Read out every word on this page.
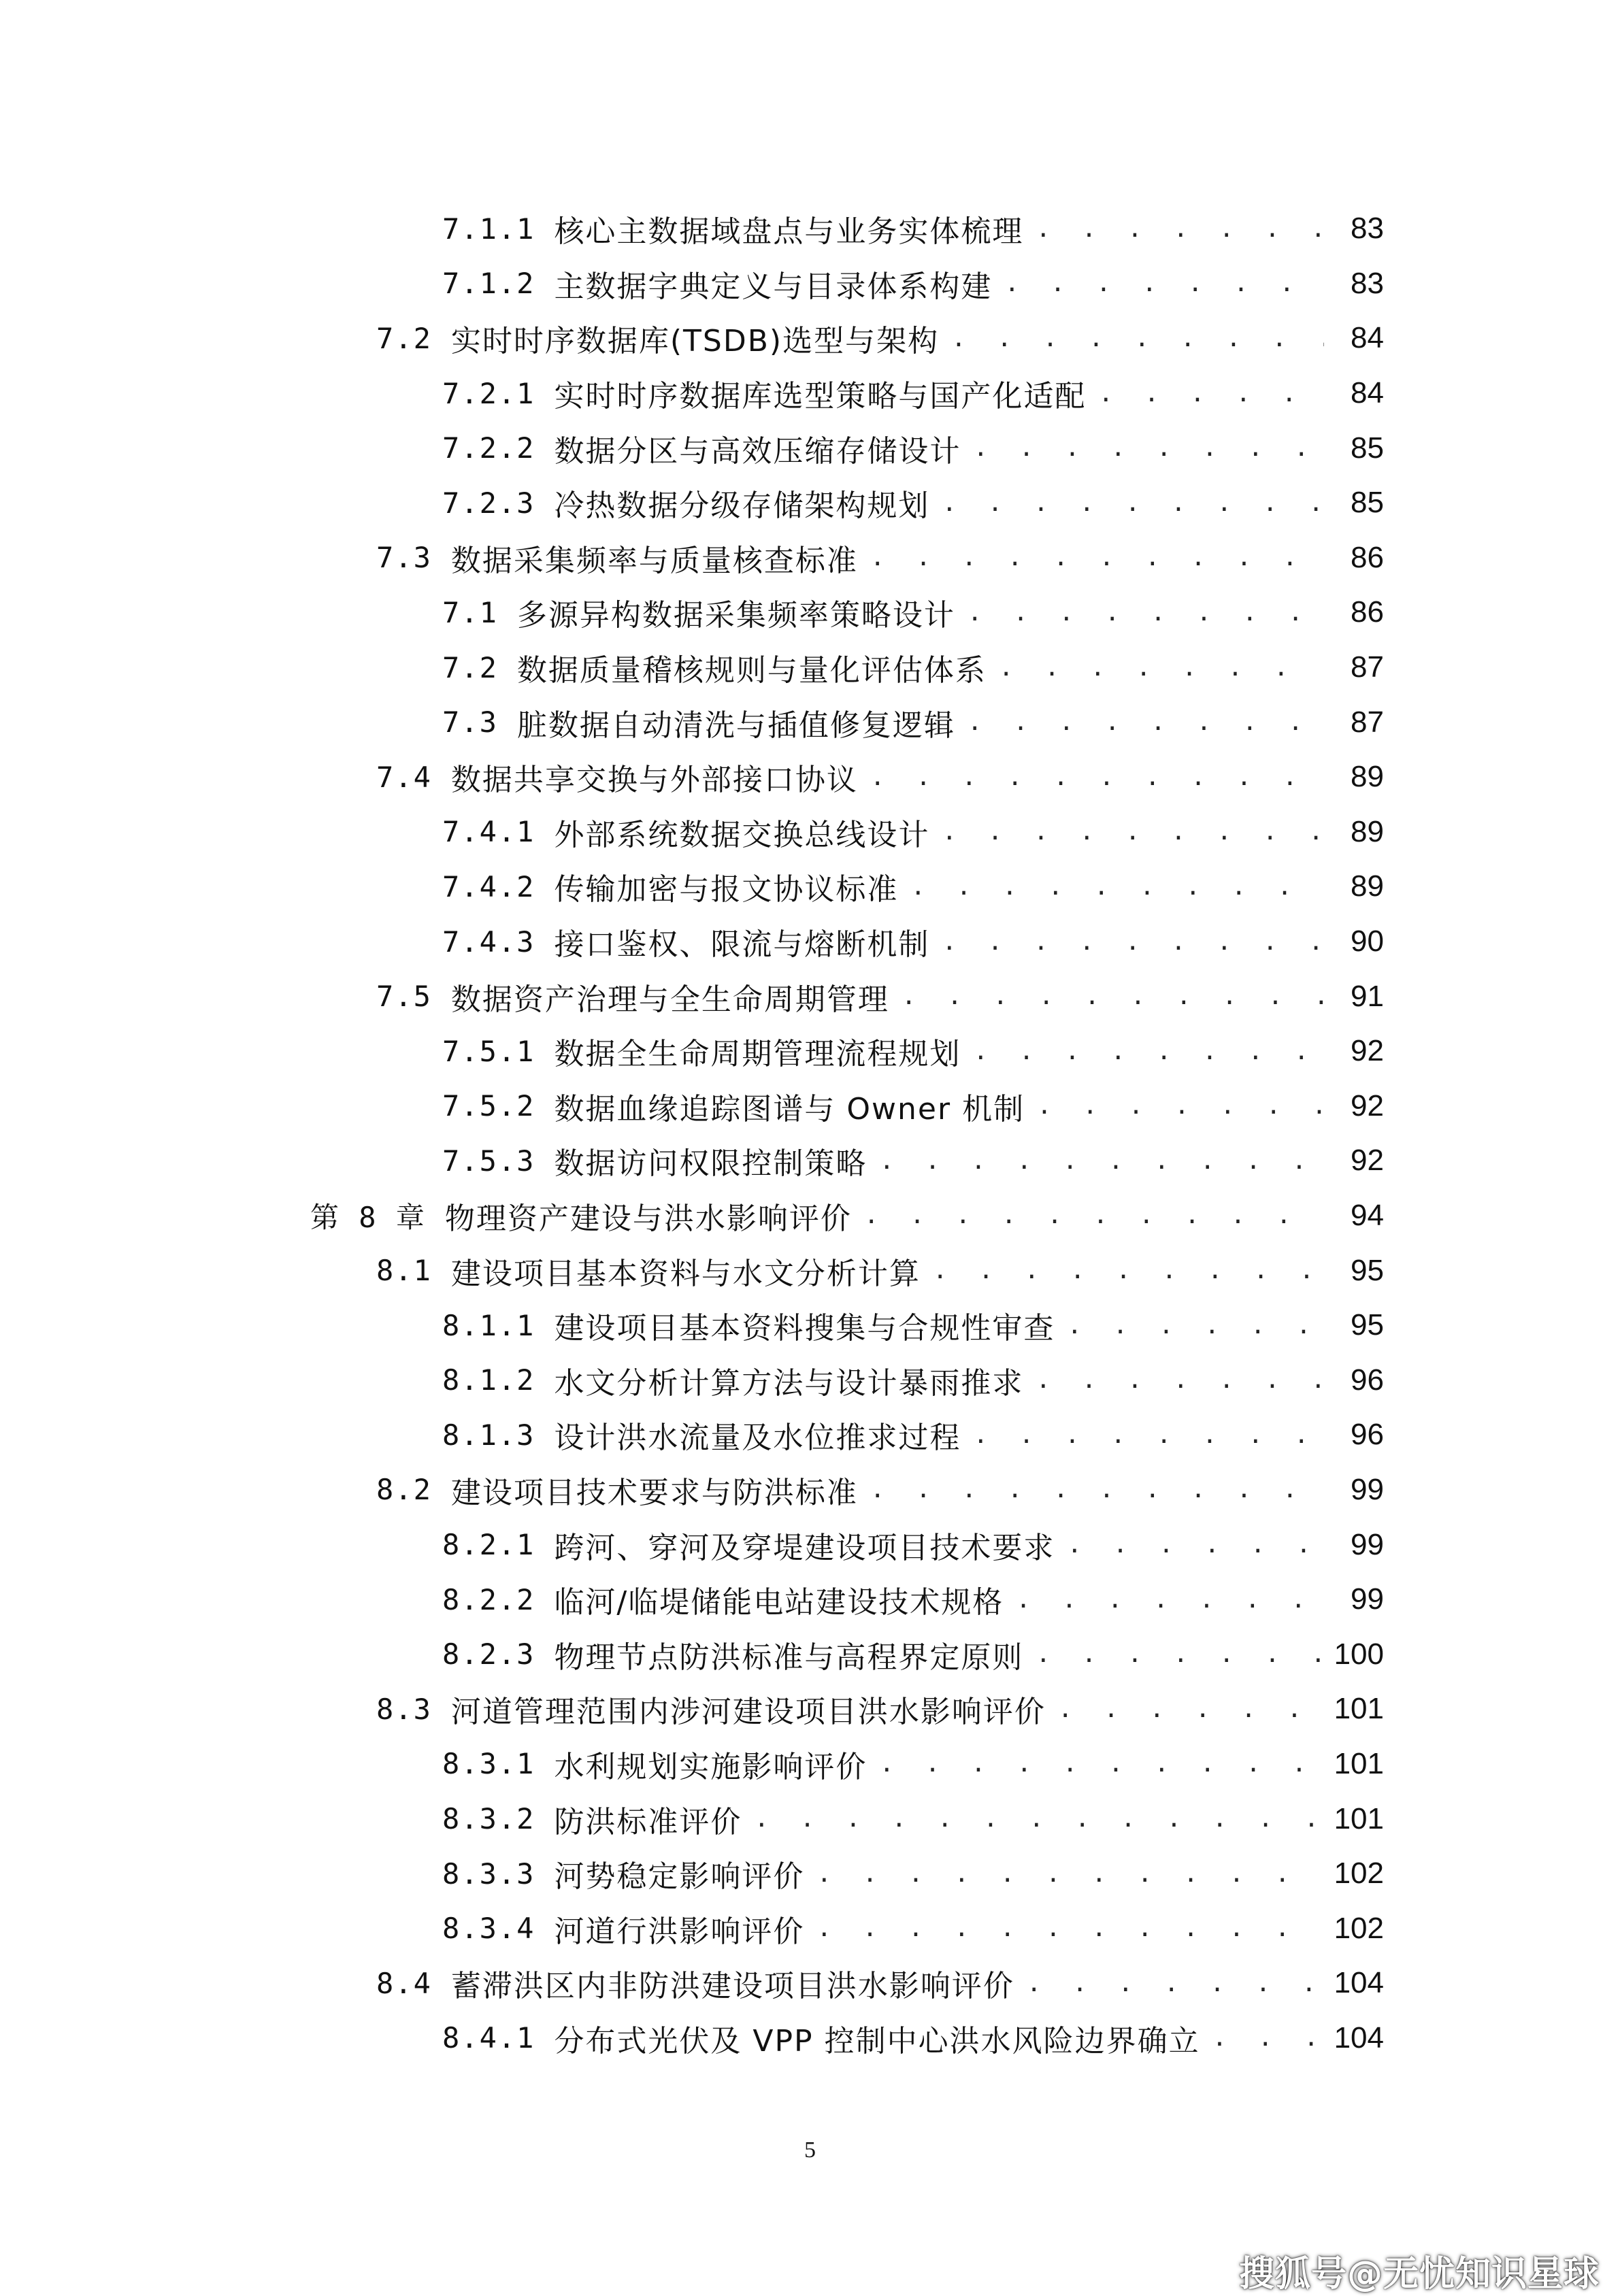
7.1.1 核心主数据域盘点与业务实体梳理 . . .	83
7.1.2 主数据字典定义与目录体系构建 . . .	83
7.2 实时时序数据库(TSDB)选型与架构 . . .	84
7.2.1 实时时序数据库选型策略与国产化适配 . . .	84
7.2.2 数据分区与高效压缩存储设计 . . .	85
7.2.3 冷热数据分级存储架构规划 . . .	85
7.3 数据采集频率与质量核查标准 . . .	86
7.1 多源异构数据采集频率策略设计 . . .	86
7.2 数据质量稽核规则与量化评估体系 . . .	87
7.3 脏数据自动清洗与插值修复逻辑 . . .	87
7.4 数据共享交换与外部接口协议 . . .	89
7.4.1 外部系统数据交换总线设计 . . .	89
7.4.2 传输加密与报文协议标准 . . .	89
7.4.3 接口鉴权、限流与熔断机制 . . .	90
7.5 数据资产治理与全生命周期管理 . . .	91
7.5.1 数据全生命周期管理流程规划 . . .	92
7.5.2 数据血缘追踪图谱与 Owner 机制 . . .	92
7.5.3 数据访问权限控制策略 . . .	92
第 8 章 物理资产建设与洪水影响评价 . . .	94
8.1 建设项目基本资料与水文分析计算 . . .	95
8.1.1 建设项目基本资料搜集与合规性审查 . . .	95
8.1.2 水文分析计算方法与设计暴雨推求 . . .	96
8.1.3 设计洪水流量及水位推求过程 . . .	96
8.2 建设项目技术要求与防洪标准 . . .	99
8.2.1 跨河、穿河及穿堤建设项目技术要求 . . .	99
8.2.2 临河/临堤储能电站建设技术规格 . . .	99
8.2.3 物理节点防洪标准与高程界定原则 . . .	100
8.3 河道管理范围内涉河建设项目洪水影响评价 . . .	101
8.3.1 水利规划实施影响评价 . . .	101
8.3.2 防洪标准评价 . . .	101
8.3.3 河势稳定影响评价 . . .	102
8.3.4 河道行洪影响评价 . . .	102
8.4 蓄滞洪区内非防洪建设项目洪水影响评价 . . .	104
8.4.1 分布式光伏及 VPP 控制中心洪水风险边界确立 . . .	104
5
搜狐号@无忧知识星球
